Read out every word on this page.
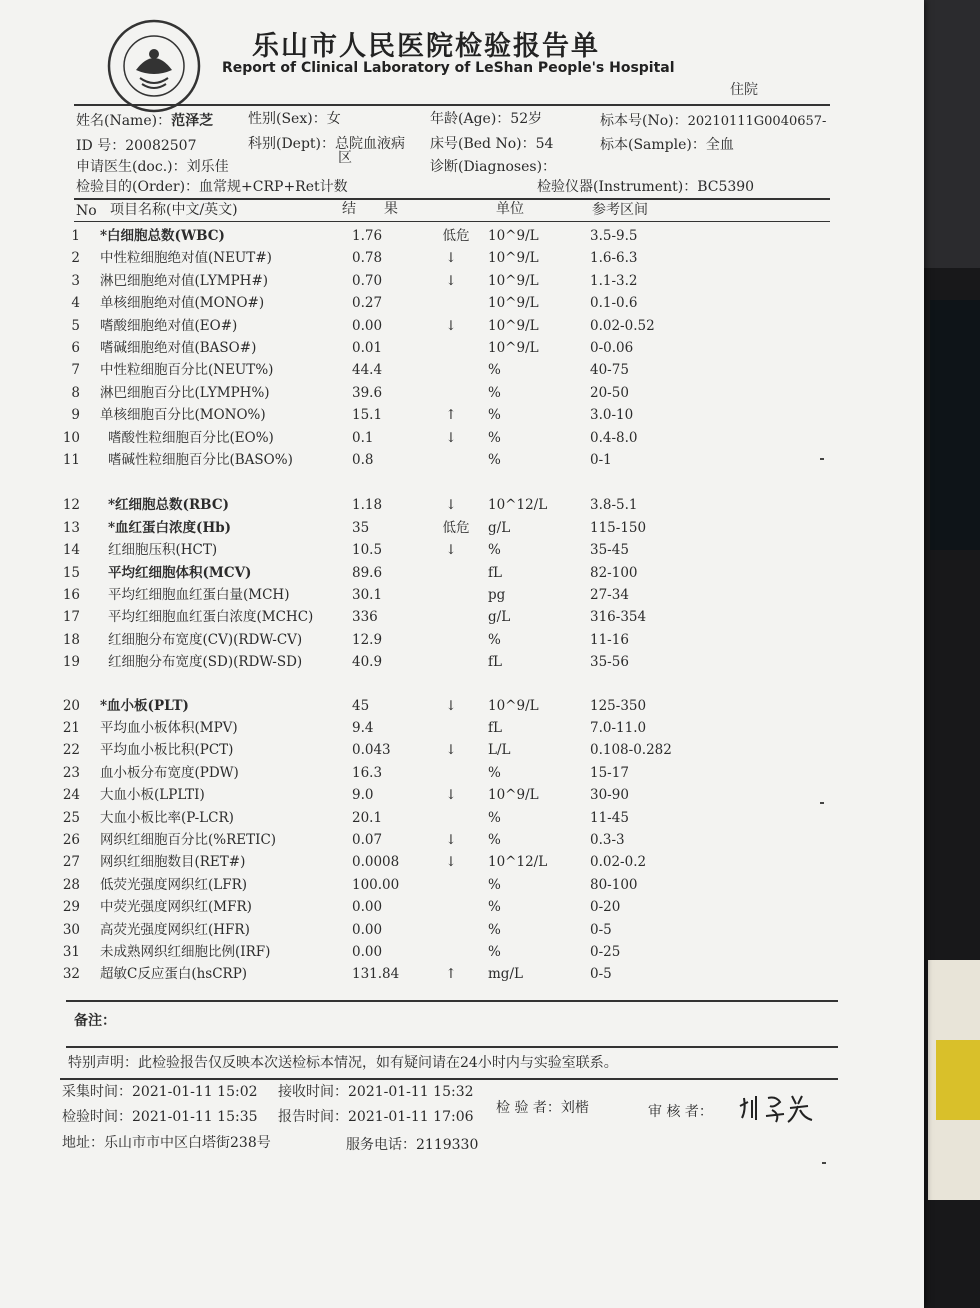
乐山市人民医院检验报告单
Report of Clinical Laboratory of LeShan People's Hospital
住院
姓名(Name)：范泽芝 性别(Sex)：女	年龄(Age)：52岁	标本号(No)：20210111G0040657-
ID 号：20082507	科别(Dept)：总院血液病
区
床号(Bed No)：54	标本(Sample)：全血
申请医生(doc.)：刘乐佳	诊断(Diagnoses)：
检验目的(Order)：血常规+CRP+Ret计数	检验仪器(Instrument)：BC5390
No 项目名称(中文/英文)	结　　果	单位	参考区间
1 *白细胞总数(WBC)	1.76	低危	10^9/L	3.5-9.5
2 中性粒细胞绝对值(NEUT#)	0.78	↓	10^9/L	1.6-6.3
3 淋巴细胞绝对值(LYMPH#)	0.70	↓	10^9/L	1.1-3.2
4 单核细胞绝对值(MONO#)	0.27	10^9/L	0.1-0.6
5 嗜酸细胞绝对值(EO#)	0.00	↓	10^9/L	0.02-0.52
6 嗜碱细胞绝对值(BASO#)	0.01	10^9/L	0-0.06
7 中性粒细胞百分比(NEUT%)	44.4	%	40-75
8 淋巴细胞百分比(LYMPH%)	39.6	%	20-50
9 单核细胞百分比(MONO%)	15.1	↑	%	3.0-10
10 嗜酸性粒细胞百分比(EO%)	0.1	↓	%	0.4-8.0
11 嗜碱性粒细胞百分比(BASO%)	0.8	%	0-1
12 *红细胞总数(RBC)	1.18	↓	10^12/L	3.8-5.1
13 *血红蛋白浓度(Hb)	35	低危	g/L	115-150
14 红细胞压积(HCT)	10.5	↓	%	35-45
15 平均红细胞体积(MCV)	89.6	fL	82-100
16 平均红细胞血红蛋白量(MCH)	30.1	pg	27-34
17 平均红细胞血红蛋白浓度(MCHC)	336	g/L	316-354
18 红细胞分布宽度(CV)(RDW-CV)	12.9	%	11-16
19 红细胞分布宽度(SD)(RDW-SD)	40.9	fL	35-56
20 *血小板(PLT)	45	↓	10^9/L	125-350
21 平均血小板体积(MPV)	9.4	fL	7.0-11.0
22 平均血小板比积(PCT)	0.043	↓	L/L	0.108-0.282
23 血小板分布宽度(PDW)	16.3	%	15-17
24 大血小板(LPLTI)	9.0	↓	10^9/L	30-90
25 大血小板比率(P-LCR)	20.1	%	11-45
26 网织红细胞百分比(%RETIC)	0.07	↓	%	0.3-3
27 网织红细胞数目(RET#)	0.0008	↓	10^12/L	0.02-0.2
28 低荧光强度网织红(LFR)	100.00	%	80-100
29 中荧光强度网织红(MFR)	0.00	%	0-20
30 高荧光强度网织红(HFR)	0.00	%	0-5
31 未成熟网织红细胞比例(IRF)	0.00	%	0-25
32 超敏C反应蛋白(hsCRP)	131.84	↑	mg/L	0-5
备注：
特别声明：此检验报告仅反映本次送检标本情况，如有疑问请在24小时内与实验室联系。
采集时间：2021-01-11 15:02 接收时间：2021-01-11 15:32
检验时间：2021-01-11 15:35 报告时间：2021-01-11 17:06
检 验 者：刘楷	审 核 者：
地址：乐山市市中区白塔街238号	服务电话：2119330
